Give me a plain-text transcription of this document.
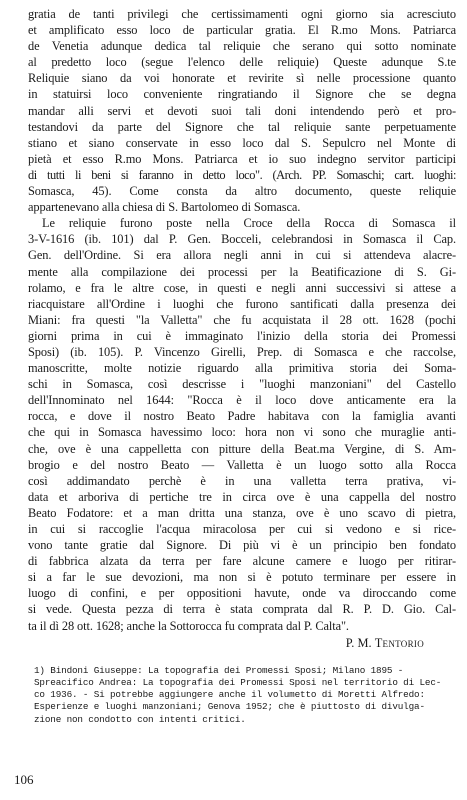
gratia de tanti privilegi che certissimamenti ogni giorno sia acresciuto
et amplificato esso loco de particular gratia. El R.mo Mons. Patriarca
de Venetia adunque dedica tal reliquie che serano qui sotto nominate
al predetto loco (segue l'elenco delle reliquie) Queste adunque S.te
Reliquie siano da voi honorate et revirite sì nelle processione quanto
in statuirsi loco conveniente ringratiando il Signore che se degna
mandar alli servi et devoti suoi tali doni intendendo però et pro-
testandovi da parte del Signore che tal reliquie sante perpetuamente
stiano et siano conservate in esso loco dal S. Sepulcro nel Monte di
pietà et esso R.mo Mons. Patriarca et io suo indegno servitor participi
di tutti li beni si faranno in detto loco". (Arch. PP. Somaschi; cart. luoghi:
Somasca, 45). Come consta da altro documento, queste reliquie
appartenevano alla chiesa di S. Bartolomeo di Somasca.
Le reliquie furono poste nella Croce della Rocca di Somasca il
3-V-1616 (ib. 101) dal P. Gen. Bocceli, celebrandosi in Somasca il Cap.
Gen. dell'Ordine. Si era allora negli anni in cui si attendeva alacre-
mente alla compilazione dei processi per la Beatificazione di S. Gi-
rolamo, e fra le altre cose, in questi e negli anni successivi si attese a
riacquistare all'Ordine i luoghi che furono santificati dalla presenza dei
Miani: fra questi "la Valletta" che fu acquistata il 28 ott. 1628 (pochi
giorni prima in cui è immaginato l'inizio della storia dei Promessi
Sposi) (ib. 105). P. Vincenzo Girelli, Prep. di Somasca e che raccolse,
manoscritte, molte notizie riguardo alla primitiva storia dei Soma-
schi in Somasca, così descrisse i "luoghi manzoniani" del Castello
dell'Innominato nel 1644: "Rocca è il loco dove anticamente era la
rocca, e dove il nostro Beato Padre habitava con la famiglia avanti
che qui in Somasca havessimo loco: hora non vi sono che muraglie anti-
che, ove è una cappelletta con pitture della Beat.ma Vergine, di S. Am-
brogio e del nostro Beato — Valletta è un luogo sotto alla Rocca
così addimandato perchè è in una valletta terra prativa, vi-
data et arboriva di pertiche tre in circa ove è una cappella del nostro
Beato Fodatore: et a man dritta una stanza, ove è uno scavo di pietra,
in cui si raccoglie l'acqua miracolosa per cui si vedono e si rice-
vono tante gratie dal Signore. Di più vi è un principio ben fondato
di fabbrica alzata da terra per fare alcune camere e luogo per ritirar-
si a far le sue devozioni, ma non si è potuto terminare per essere in
luogo di confini, e per oppositioni havute, onde va diroccando come
si vede. Questa pezza di terra è stata comprata dal R. P. D. Gio. Cal-
ta il dì 28 ott. 1628; anche la Sottorocca fu comprata dal P. Calta".
P. M. Tentorio
1) Bindoni Giuseppe: La topografia dei Promessi Sposi; Milano 1895 -
Spreacifico Andrea: La topografia dei Promessi Sposi nel territorio di Lec-
co 1936. - Si potrebbe aggiungere anche il volumetto di Moretti Alfredo:
Esperienze e luoghi manzoniani; Genova 1952; che è piuttosto di divulga-
zione non condotto con intenti critici.
106
